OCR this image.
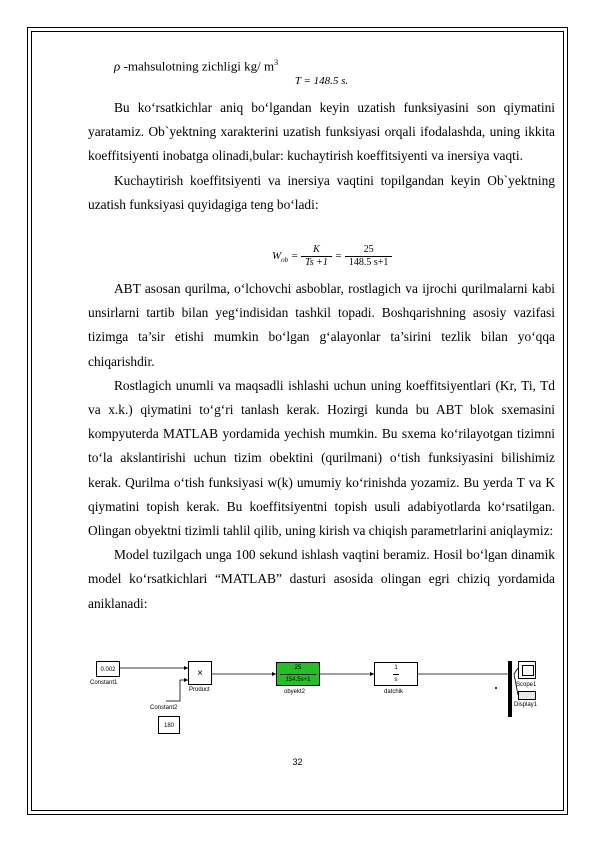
ρ -mahsulotning zichligi kg/ $m^3$
T = 148.5 s.

Bu ko‘rsatkichlar aniq bo‘lgandan keyin uzatish funksiyasini son qiymatini yaratamiz. Ob`yektning xarakterini uzatish funksiyasi orqali ifodalashda, uning ikkita koeffitsiyenti inobatga olinadi,bular: kuchaytirish koeffitsiyenti va inersiya vaqti.

Kuchaytirish koeffitsiyenti va inersiya vaqtini topilgandan keyin Ob`yektning uzatish funksiyasi quyidagiga teng bo‘ladi:

$W_{ob} = \frac{K}{Ts +1} = \frac{25}{148.5 s+1}$

ABT asosan qurilma, o‘lchovchi asboblar, rostlagich va ijrochi qurilmalarni kabi unsirlarni tartib bilan yeg‘indisidan tashkil topadi. Boshqarishning asosiy vazifasi tizimga ta’sir etishi mumkin bo‘lgan g‘alayonlar ta’sirini tezlik bilan yo‘qqa chiqarishdir.

Rostlagich unumli va maqsadli ishlashi uchun uning koeffitsiyentlari (Kr, Ti, Td va x.k.) qiymatini to‘g‘ri tanlash kerak. Hozirgi kunda bu ABT blok sxemasini kompyuterda MATLAB yordamida yechish mumkin. Bu sxema ko‘rilayotgan tizimni to‘la akslantirishi uchun tizim obektini (qurilmani) o‘tish funksiyasini bilishimiz kerak. Qurilma o‘tish funksiyasi w(k) umumiy ko‘rinishda yozamiz. Bu yerda T va K qiymatini topish kerak. Bu koeffitsiyentni topish usuli adabiyotlarda ko‘rsatilgan. Olingan obyektni tizimli tahlil qilib, uning kirish va chiqish parametrlarini aniqlaymiz:

Model tuzilgach unga 100 sekund ishlash vaqtini beramiz. Hosil bo‘lgan dinamik model ko‘rsatkichlari “MATLAB” dasturi asosida olingan egri chiziq yordamida aniklanadi:

0.002
Constant1
×
Product
$\frac{25}{154.5s+1}$
obyekt2
$\frac{1}{s}$
datchik
Scope1
Display1
Constant2
180
32
